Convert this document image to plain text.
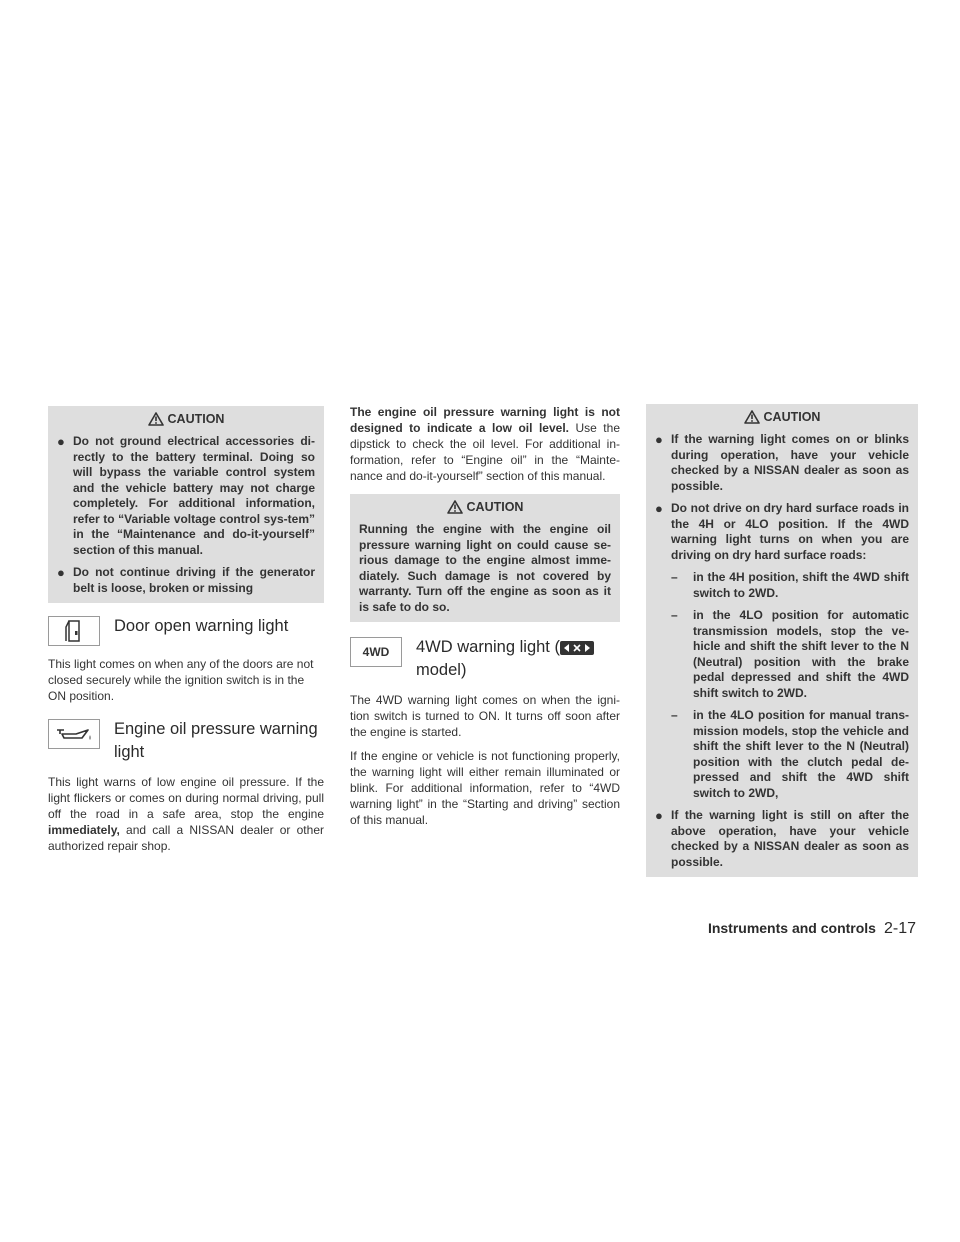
CAUTION
● Do not ground electrical accessories di-rectly to the battery terminal. Doing so will bypass the variable control system and the vehicle battery may not charge completely. For additional information, refer to “Variable voltage control sys-tem” in the “Maintenance and do-it-yourself” section of this manual.
● Do not continue driving if the generator belt is loose, broken or missing
Door open warning light

This light comes on when any of the doors are not closed securely while the ignition switch is in the ON position.

Engine oil pressure warning light

This light warns of low engine oil pressure. If the light flickers or comes on during normal driving, pull off the road in a safe area, stop the engine immediately, and call a NISSAN dealer or other authorized repair shop.

The engine oil pressure warning light is not designed to indicate a low oil level. Use the dipstick to check the oil level. For additional in-formation, refer to “Engine oil” in the “Mainte-nance and do-it-yourself” section of this manual.

CAUTION

Running the engine with the engine oil pressure warning light on could cause se-rious damage to the engine almost imme-diately. Such damage is not covered by warranty. Turn off the engine as soon as it is safe to do so.

4WD 4WD warning light (

model)

The 4WD warning light comes on when the igni-tion switch is turned to ON. It turns off soon after the engine is started.

If the engine or vehicle is not functioning properly, the warning light will either remain illuminated or blink. For additional information, refer to “4WD warning light” in the “Starting and driving” section of this manual.

CAUTION
● If the warning light comes on or blinks during operation, have your vehicle checked by a NISSAN dealer as soon as possible.
● Do not drive on dry hard surface roads in the 4H or 4LO position. If the 4WD warning light turns on when you are driving on dry hard surface roads:
– in the 4H position, shift the 4WD shift switch to 2WD.
– in the 4LO position for automatic transmission models, stop the ve-hicle and shift the shift lever to the N (Neutral) position with the brake pedal depressed and shift the 4WD shift switch to 2WD.
– in the 4LO position for manual trans-mission models, stop the vehicle and shift the shift lever to the N (Neutral) position with the clutch pedal de-pressed and shift the 4WD shift switch to 2WD,
● If the warning light is still on after the above operation, have your vehicle checked by a NISSAN dealer as soon as possible.
Instruments and controls 2-17
